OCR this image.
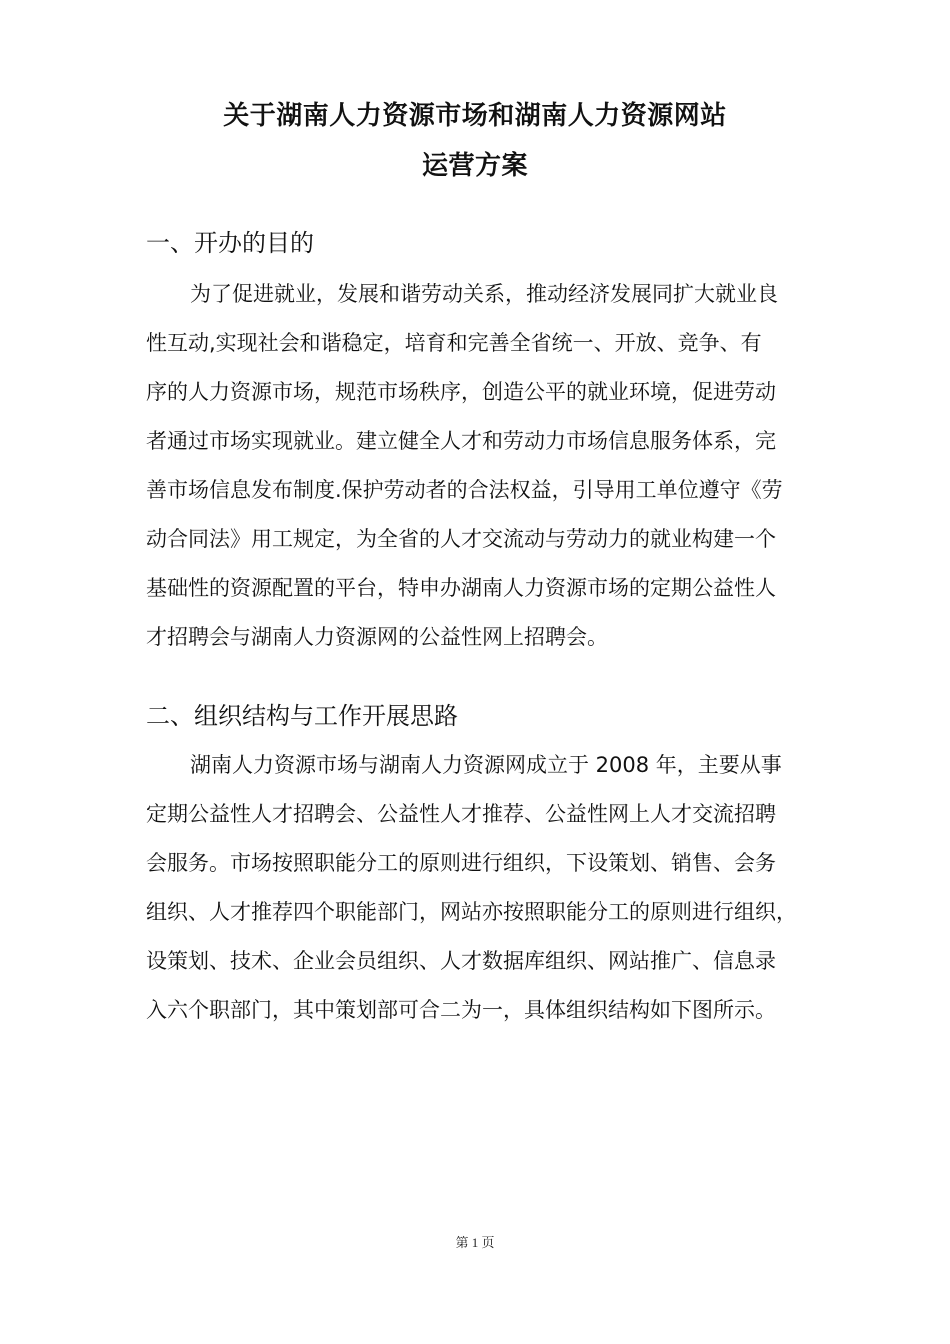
关于湖南人力资源市场和湖南人力资源网站
运营方案
一、开办的目的
为了促进就业，发展和谐劳动关系，推动经济发展同扩大就业良
性互动,实现社会和谐稳定，培育和完善全省统一、开放、竞争、有
序的人力资源市场，规范市场秩序，创造公平的就业环境，促进劳动
者通过市场实现就业。建立健全人才和劳动力市场信息服务体系，完
善市场信息发布制度.保护劳动者的合法权益，引导用工单位遵守《劳
动合同法》用工规定，为全省的人才交流动与劳动力的就业构建一个
基础性的资源配置的平台，特申办湖南人力资源市场的定期公益性人
才招聘会与湖南人力资源网的公益性网上招聘会。
二、组织结构与工作开展思路
湖南人力资源市场与湖南人力资源网成立于 2008 年，主要从事
定期公益性人才招聘会、公益性人才推荐、公益性网上人才交流招聘
会服务。市场按照职能分工的原则进行组织，下设策划、销售、会务
组织、人才推荐四个职能部门，网站亦按照职能分工的原则进行组织，
设策划、技术、企业会员组织、人才数据库组织、网站推广、信息录
入六个职部门，其中策划部可合二为一，具体组织结构如下图所示。
第 1 页
